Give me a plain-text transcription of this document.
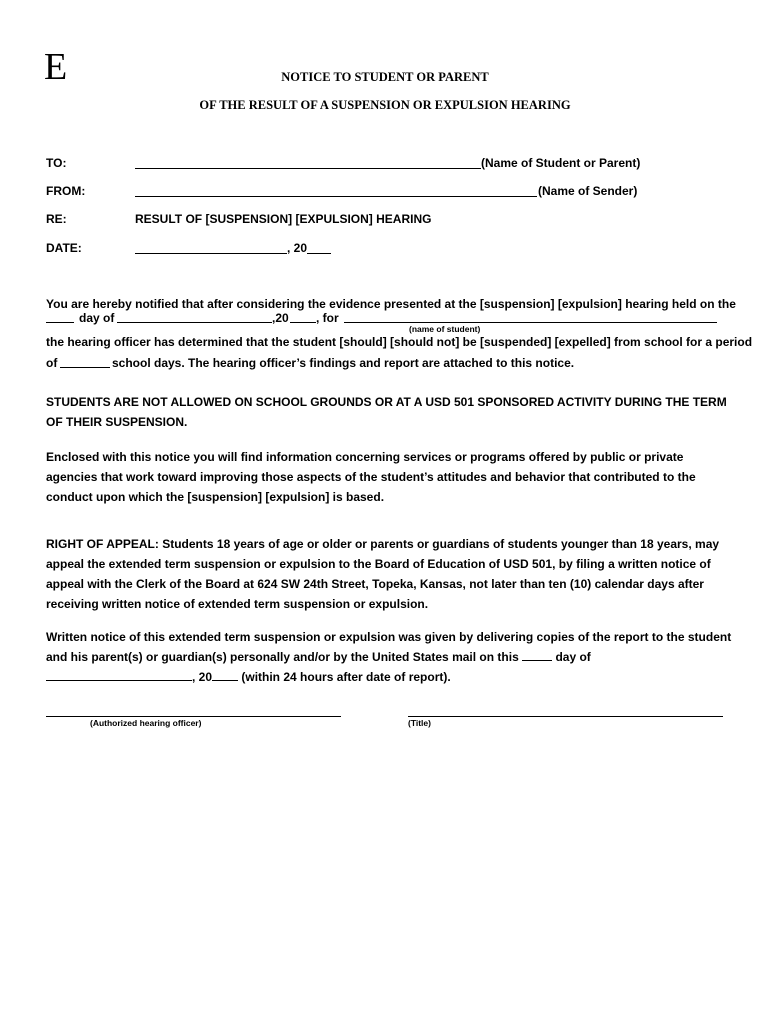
E	NOTICE TO STUDENT OR PARENT
OF THE RESULT OF A SUSPENSION OR EXPULSION HEARING
TO:	(Name of Student or Parent)
FROM:	(Name of Sender)
RE:	RESULT OF [SUSPENSION] [EXPULSION] HEARING
DATE:	, 20
You are hereby notified that after considering the evidence presented at the [suspension] [expulsion] hearing held on the
day of	,20 , for
(name of student)
the hearing officer has determined that the student [should] [should not] be [suspended] [expelled] from school for a period
of	school days. The hearing officer’s findings and report are attached to this notice.
STUDENTS ARE NOT ALLOWED ON SCHOOL GROUNDS OR AT A USD 501 SPONSORED ACTIVITY DURING THE TERM OF THEIR SUSPENSION.
Enclosed with this notice you will find information concerning services or programs offered by public or private agencies that work toward improving those aspects of the student’s attitudes and behavior that contributed to the conduct upon which the [suspension] [expulsion] is based.
RIGHT OF APPEAL: Students 18 years of age or older or parents or guardians of students younger than 18 years, may appeal the extended term suspension or expulsion to the Board of Education of USD 501, by filing a written notice of appeal with the Clerk of the Board at 624 SW 24th Street, Topeka, Kansas, not later than ten (10) calendar days after receiving written notice of extended term suspension or expulsion.
Written notice of this extended term suspension or expulsion was given by delivering copies of the report to the student and his parent(s) or guardian(s) personally and/or by the United States mail on this	day of , 20 (within 24 hours after date of report).
(Authorized hearing officer)	(Title)
